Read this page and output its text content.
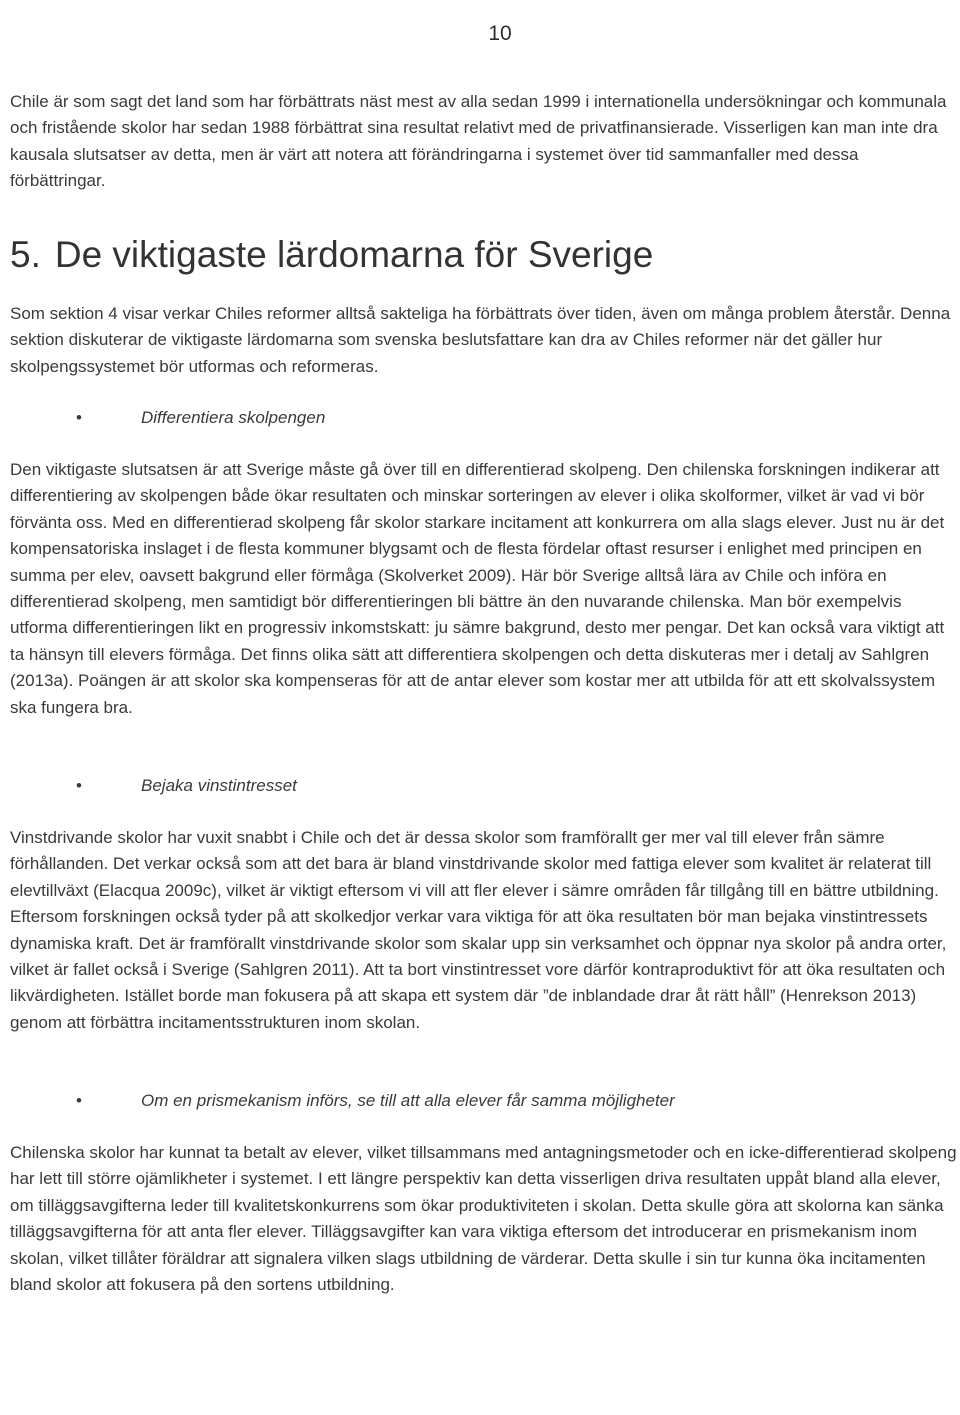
10

Chile är som sagt det land som har förbättrats näst mest av alla sedan 1999 i internationella undersökningar och kommunala och fristående skolor har sedan 1988 förbättrat sina resultat relativt med de privatfinansierade. Visserligen kan man inte dra kausala slutsatser av detta, men är värt att notera att förändringarna i systemet över tid sammanfaller med dessa förbättringar.

5. De viktigaste lärdomarna för Sverige

Som sektion 4 visar verkar Chiles reformer alltså sakteliga ha förbättrats över tiden, även om många problem återstår. Denna sektion diskuterar de viktigaste lärdomarna som svenska beslutsfattare kan dra av Chiles reformer när det gäller hur skolpengssystemet bör utformas och reformeras.

•	Differentiera skolpengen

Den viktigaste slutsatsen är att Sverige måste gå över till en differentierad skolpeng. Den chilenska forskningen indikerar att differentiering av skolpengen både ökar resultaten och minskar sorteringen av elever i olika skolformer, vilket är vad vi bör förvänta oss. Med en differentierad skolpeng får skolor starkare incitament att konkurrera om alla slags elever. Just nu är det kompensatoriska inslaget i de flesta kommuner blygsamt och de flesta fördelar oftast resurser i enlighet med principen en summa per elev, oavsett bakgrund eller förmåga (Skolverket 2009). Här bör Sverige alltså lära av Chile och införa en differentierad skolpeng, men samtidigt bör differentieringen bli bättre än den nuvarande chilenska. Man bör exempelvis utforma differentieringen likt en progressiv inkomstskatt: ju sämre bakgrund, desto mer pengar. Det kan också vara viktigt att ta hänsyn till elevers förmåga. Det finns olika sätt att differentiera skolpengen och detta diskuteras mer i detalj av Sahlgren (2013a). Poängen är att skolor ska kompenseras för att de antar elever som kostar mer att utbilda för att ett skolvalssystem ska fungera bra.

•	Bejaka vinstintresset

Vinstdrivande skolor har vuxit snabbt i Chile och det är dessa skolor som framförallt ger mer val till elever från sämre förhållanden. Det verkar också som att det bara är bland vinstdrivande skolor med fattiga elever som kvalitet är relaterat till elevtillväxt (Elacqua 2009c), vilket är viktigt eftersom vi vill att fler elever i sämre områden får tillgång till en bättre utbildning. Eftersom forskningen också tyder på att skolkedjor verkar vara viktiga för att öka resultaten bör man bejaka vinstintressets dynamiska kraft. Det är framförallt vinstdrivande skolor som skalar upp sin verksamhet och öppnar nya skolor på andra orter, vilket är fallet också i Sverige (Sahlgren 2011). Att ta bort vinstintresset vore därför kontraproduktivt för att öka resultaten och likvärdigheten. Istället borde man fokusera på att skapa ett system där ”de inblandade drar åt rätt håll” (Henrekson 2013) genom att förbättra incitamentsstrukturen inom skolan.

•	Om en prismekanism införs, se till att alla elever får samma möjligheter

Chilenska skolor har kunnat ta betalt av elever, vilket tillsammans med antagningsmetoder och en icke-differentierad skolpeng har lett till större ojämlikheter i systemet. I ett längre perspektiv kan detta visserligen driva resultaten uppåt bland alla elever, om tilläggsavgifterna leder till kvalitetskonkurrens som ökar produktiviteten i skolan. Detta skulle göra att skolorna kan sänka tilläggsavgifterna för att anta fler elever. Tilläggsavgifter kan vara viktiga eftersom det introducerar en prismekanism inom skolan, vilket tillåter föräldrar att signalera vilken slags utbildning de värderar. Detta skulle i sin tur kunna öka incitamenten bland skolor att fokusera på den sortens utbildning.
